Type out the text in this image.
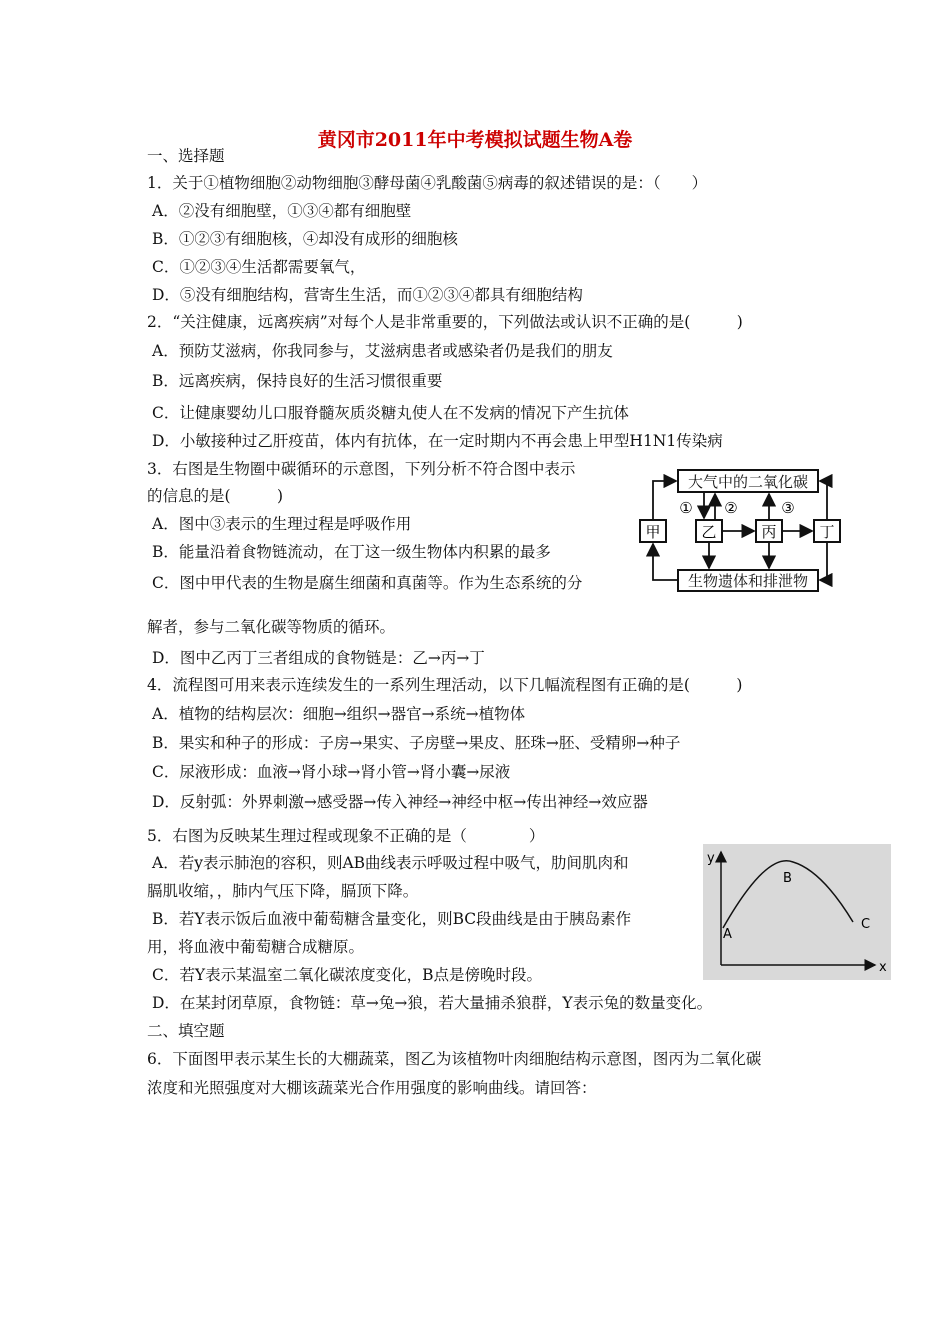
黄冈市2011年中考模拟试题生物A卷
一、选择题
1．关于①植物细胞②动物细胞③酵母菌④乳酸菌⑤病毒的叙述错误的是：（　　）
A．②没有细胞壁，①③④都有细胞壁
B．①②③有细胞核，④却没有成形的细胞核
C．①②③④生活都需要氧气，
D．⑤没有细胞结构，营寄生生活，而①②③④都具有细胞结构
2．“关注健康，远离疾病”对每个人是非常重要的，下列做法或认识不正确的是(　　　)
A．预防艾滋病，你我同参与，艾滋病患者或感染者仍是我们的朋友
B．远离疾病，保持良好的生活习惯很重要
C．让健康婴幼儿口服脊髓灰质炎糖丸使人在不发病的情况下产生抗体
D．小敏接种过乙肝疫苗，体内有抗体，在一定时期内不再会患上甲型H1N1传染病
3．右图是生物圈中碳循环的示意图，下列分析不符合图中表示
的信息的是(　　　)
A．图中③表示的生理过程是呼吸作用
B．能量沿着食物链流动，在丁这一级生物体内积累的最多
C．图中甲代表的生物是腐生细菌和真菌等。作为生态系统的分
解者，参与二氧化碳等物质的循环。
D．图中乙丙丁三者组成的食物链是：乙→丙→丁
大气中的二氧化碳
生物遗体和排泄物
甲	乙	丙	丁
① ②	③
4．流程图可用来表示连续发生的一系列生理活动，以下几幅流程图有正确的是(　　　)
A．植物的结构层次：细胞→组织→器官→系统→植物体
B．果实和种子的形成：子房→果实、子房壁→果皮、胚珠→胚、受精卵→种子
C．尿液形成：血液→肾小球→肾小管→肾小囊→尿液
D．反射弧：外界刺激→感受器→传入神经→神经中枢→传出神经→效应器
5．右图为反映某生理过程或现象不正确的是（　　　　）
A．若y表示肺泡的容积，则AB曲线表示呼吸过程中吸气，肋间肌肉和
膈肌收缩，，肺内气压下降，膈顶下降。
B．若Y表示饭后血液中葡萄糖含量变化，则BC段曲线是由于胰岛素作
用，将血液中葡萄糖合成糖原。
C．若Y表示某温室二氧化碳浓度变化，B点是傍晚时段。
D．在某封闭草原，食物链：草→兔→狼，若大量捕杀狼群，Y表示兔的数量变化。
y
x
A
B
C
二、填空题
6．下面图甲表示某生长的大棚蔬菜，图乙为该植物叶肉细胞结构示意图，图丙为二氧化碳
浓度和光照强度对大棚该蔬菜光合作用强度的影响曲线。请回答：
